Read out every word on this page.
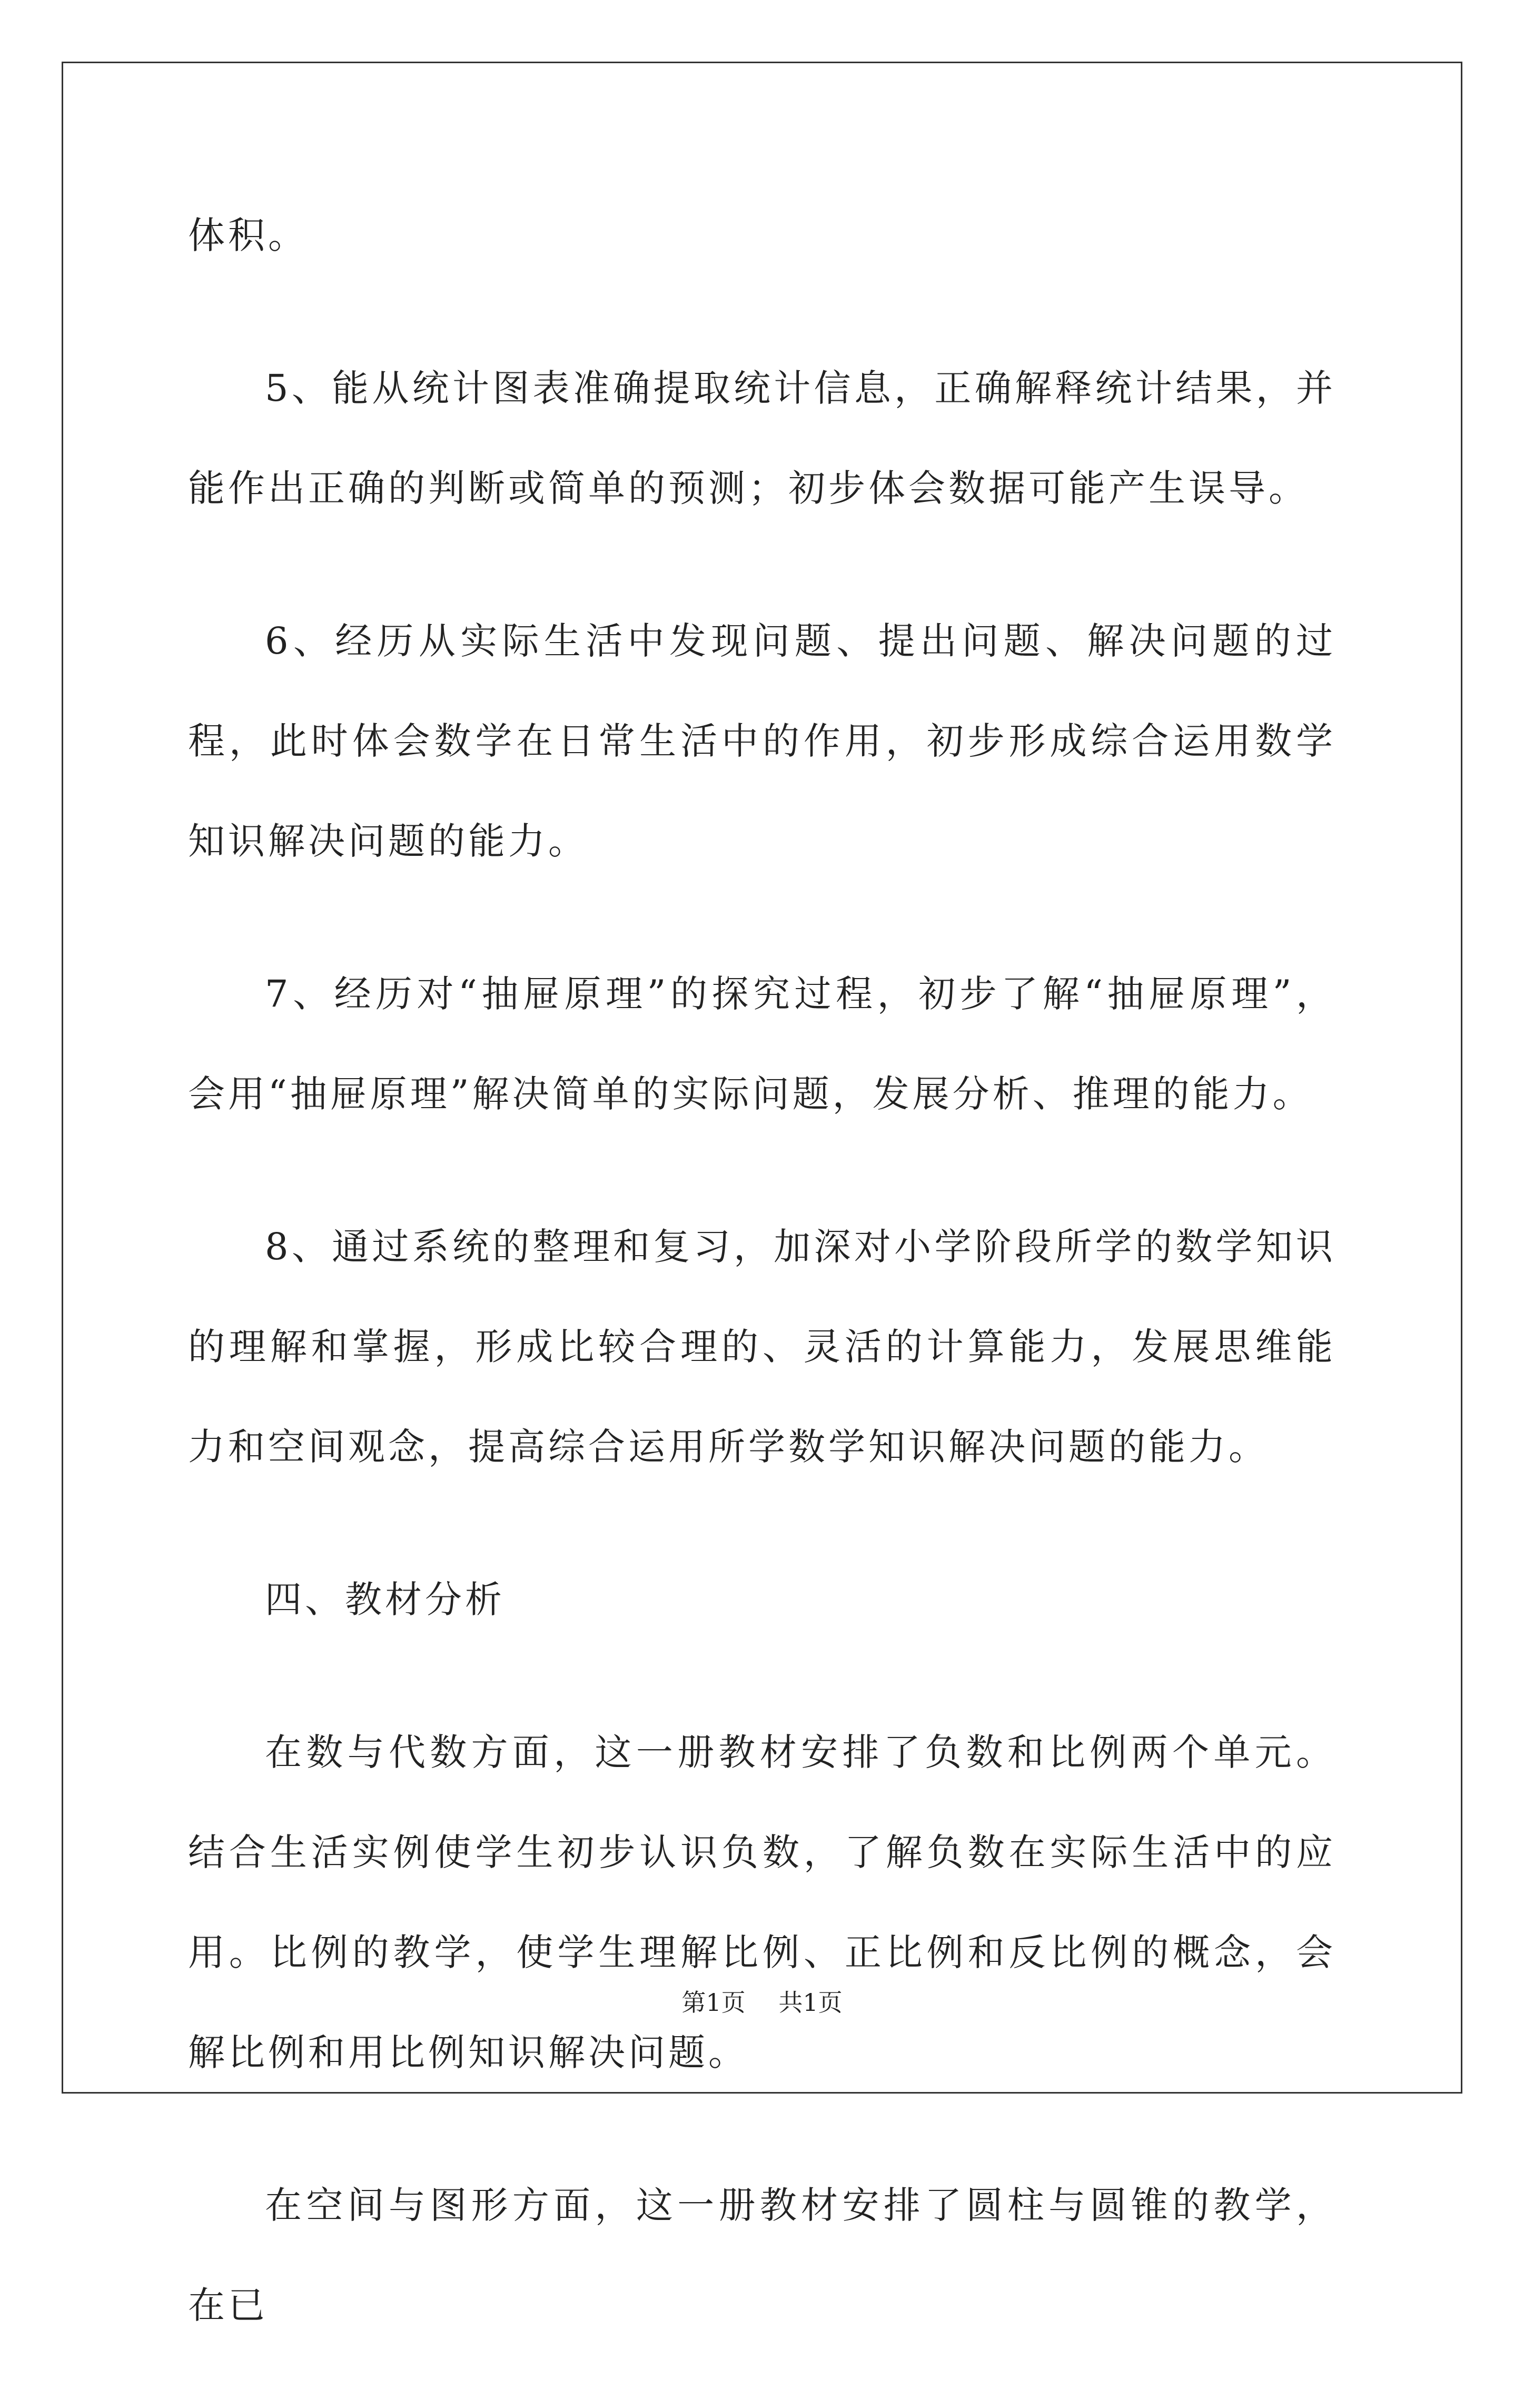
体积。

5、能从统计图表准确提取统计信息，正确解释统计结果，并能作出正确的判断或简单的预测；初步体会数据可能产生误导。

6、经历从实际生活中发现问题、提出问题、解决问题的过程，此时体会数学在日常生活中的作用，初步形成综合运用数学知识解决问题的能力。

7、经历对“抽屉原理”的探究过程，初步了解“抽屉原理”，会用“抽屉原理”解决简单的实际问题，发展分析、推理的能力。

8、通过系统的整理和复习，加深对小学阶段所学的数学知识的理解和掌握，形成比较合理的、灵活的计算能力，发展思维能力和空间观念，提高综合运用所学数学知识解决问题的能力。

四、教材分析

在数与代数方面，这一册教材安排了负数和比例两个单元。结合生活实例使学生初步认识负数，了解负数在实际生活中的应用。比例的教学，使学生理解比例、正比例和反比例的概念，会解比例和用比例知识解决问题。

在空间与图形方面，这一册教材安排了圆柱与圆锥的教学，在已

第1页 共1页
